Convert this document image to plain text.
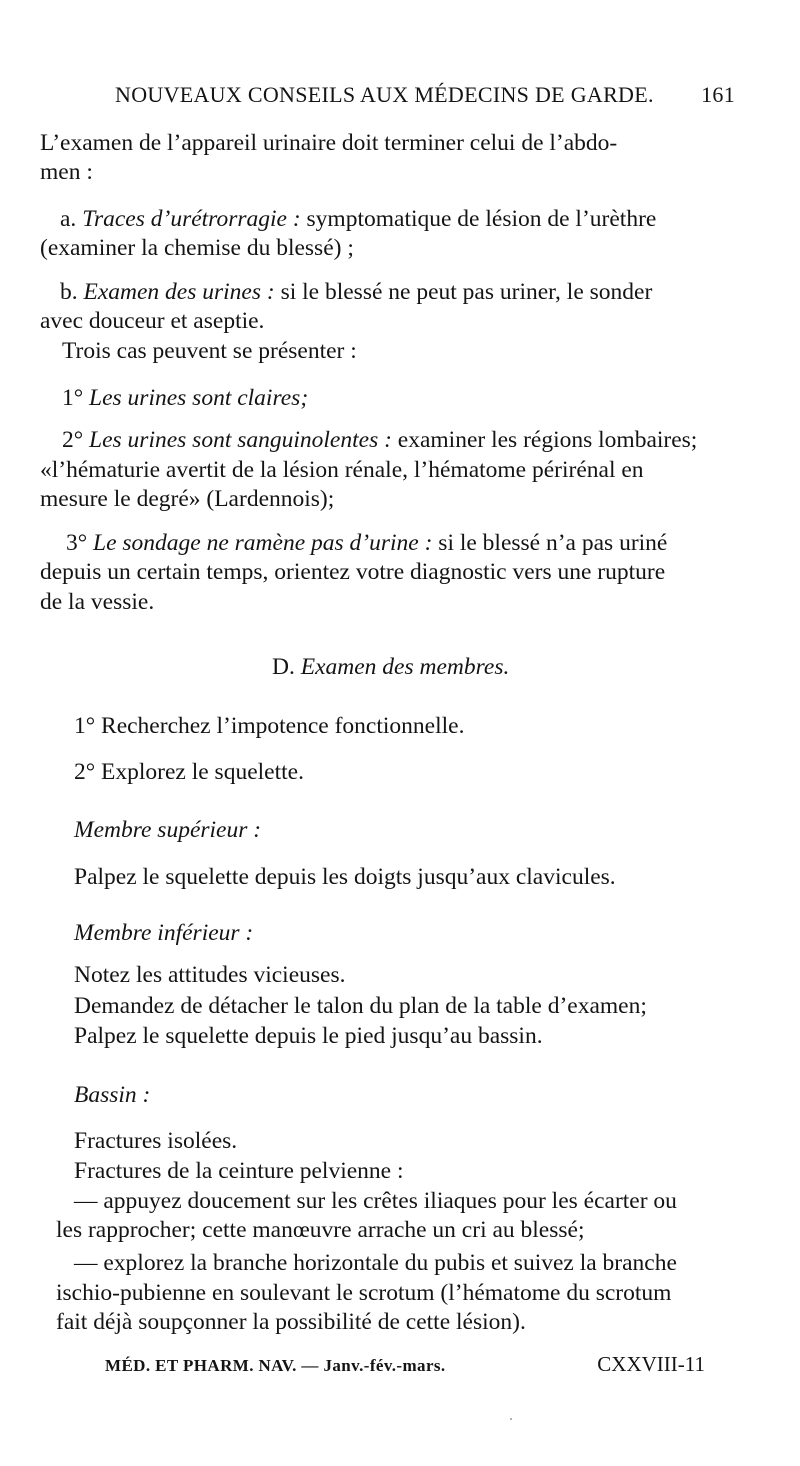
NOUVEAUX CONSEILS AUX MÉDECINS DE GARDE. 161
L’examen de l’appareil urinaire doit terminer celui de l’abdo-
men :
a. Traces d’urétrorragie : symptomatique de lésion de l’urèthre
(examiner la chemise du blessé) ;
b. Examen des urines : si le blessé ne peut pas uriner, le sonder
avec douceur et aseptie.
Trois cas peuvent se présenter :
1° Les urines sont claires;
2° Les urines sont sanguinolentes : examiner les régions lombaires;
«l’hématurie avertit de la lésion rénale, l’hématome périrénal en
mesure le degré» (Lardennois);
3° Le sondage ne ramène pas d’urine : si le blessé n’a pas uriné
depuis un certain temps, orientez votre diagnostic vers une rupture
de la vessie.
D. Examen des membres.
1° Recherchez l’impotence fonctionnelle.
2° Explorez le squelette.
Membre supérieur :
Palpez le squelette depuis les doigts jusqu’aux clavicules.
Membre inférieur :
Notez les attitudes vicieuses.
Demandez de détacher le talon du plan de la table d’examen;
Palpez le squelette depuis le pied jusqu’au bassin.
Bassin :
Fractures isolées.
Fractures de la ceinture pelvienne :
— appuyez doucement sur les crêtes iliaques pour les écarter ou
les rapprocher; cette manœuvre arrache un cri au blessé;
— explorez la branche horizontale du pubis et suivez la branche
ischio-pubienne en soulevant le scrotum (l’hématome du scrotum
fait déjà soupçonner la possibilité de cette lésion).
MÉD. ET PHARM. NAV. — Janv.-fév.-mars.	CXXVIII-11
